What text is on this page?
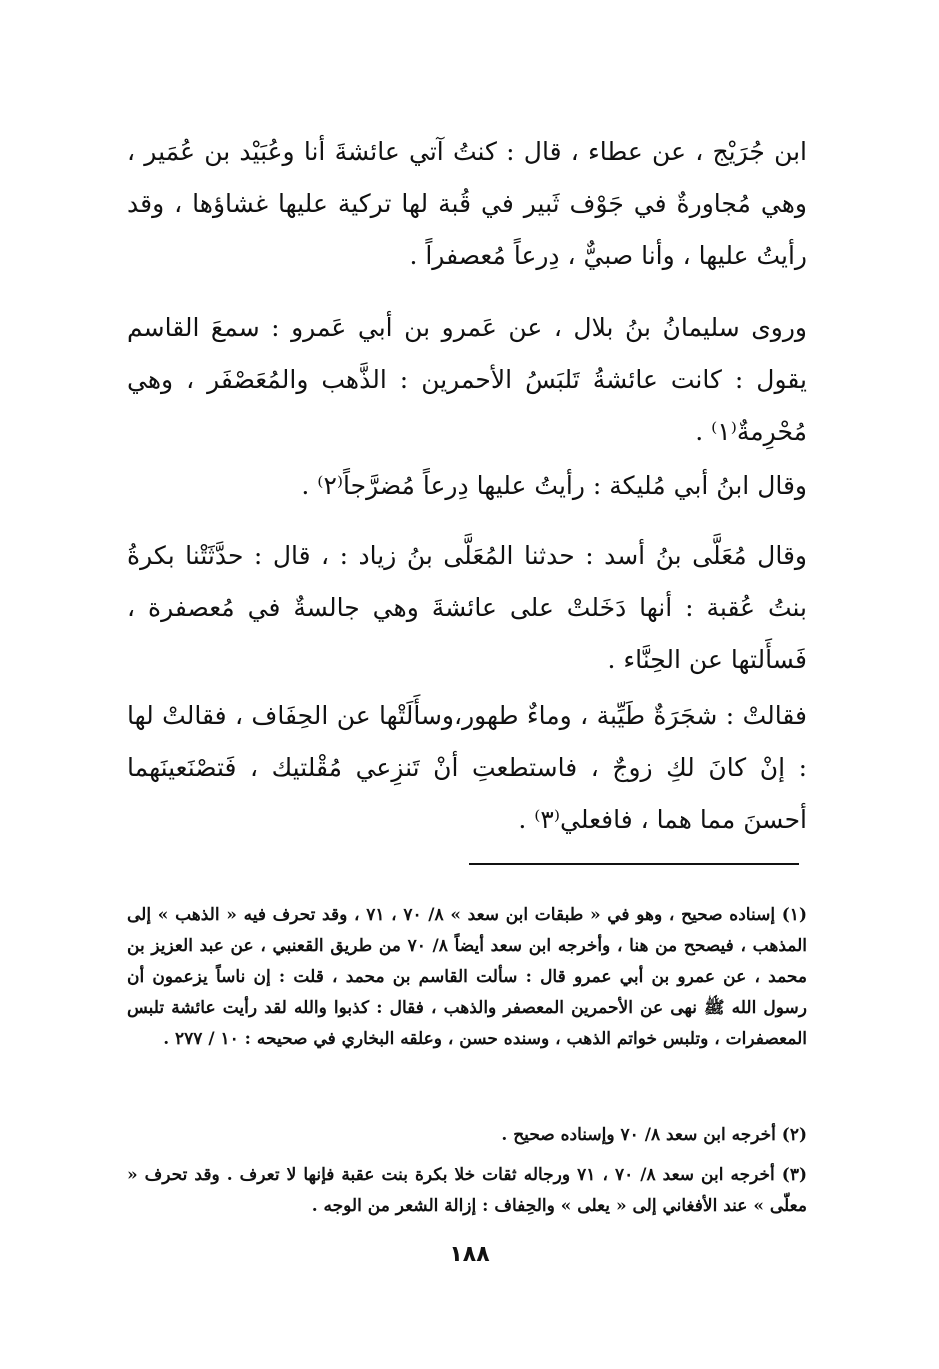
ابن جُرَيْج ، عن عطاء ، قال : كنتُ آتي عائشةَ أنا وعُبَيْد بن عُمَير ، وهي مُجاورةٌ في جَوْف ثَبير في قُبة لها تركية عليها غشاؤها ، وقد رأيتُ عليها ، وأنا صبيٌّ ، دِرعاً مُعصفراً .

وروى سليمانُ بنُ بلال ، عن عَمرو بن أبي عَمرو : سمعَ القاسم يقول : كانت عائشةُ تَلبَسُ الأحمرين : الذَّهب والمُعَصْفَر ، وهي مُحْرِمةٌ⁽١⁾ .

وقال ابنُ أبي مُليكة : رأيتُ عليها دِرعاً مُضرَّجاً⁽٢⁾ .

وقال مُعَلَّى بنُ أسد : حدثنا المُعَلَّى بنُ زياد : ، قال : حدَّثَتْنا بكرةُ بنتُ عُقبة : أنها دَخَلتْ على عائشةَ وهي جالسةٌ في مُعصفرة ، فَسأَلتها عن الحِنَّاء .

فقالتْ : شجَرَةٌ طَيِّبة ، وماءٌ طهور،وسأَلَتْها عن الحِفَاف ، فقالتْ لها : إنْ كانَ لكِ زوجٌ ، فاستطعتِ أنْ تَنزِعي مُقْلتيك ، فَتصْنَعينَهما أحسنَ مما هما ، فافعلي⁽٣⁾ .

(١) إسناده صحيح ، وهو في « طبقات ابن سعد » ٨/ ٧٠ ، ٧١ ، وقد تحرف فيه « الذهب » إلى المذهب ، فيصحح من هنا ، وأخرجه ابن سعد أيضاً ٨/ ٧٠ من طريق القعنبي ، عن عبد العزيز بن محمد ، عن عمرو بن أبي عمرو قال : سألت القاسم بن محمد ، قلت : إن ناساً يزعمون أن رسول الله ﷺ نهى عن الأحمرين المعصفر والذهب ، فقال : كذبوا والله لقد رأيت عائشة تلبس المعصفرات ، وتلبس خواتم الذهب ، وسنده حسن ، وعلقه البخاري في صحيحه : ١٠ / ٢٧٧ .
(٢) أخرجه ابن سعد ٨/ ٧٠ وإسناده صحيح .
(٣) أخرجه ابن سعد ٨/ ٧٠ ، ٧١ ورجاله ثقات خلا بكرة بنت عقبة فإنها لا تعرف . وقد تحرف « معلّى » عند الأفغاني إلى « يعلى » والحِفاف : إزالة الشعر من الوجه .
١٨٨
